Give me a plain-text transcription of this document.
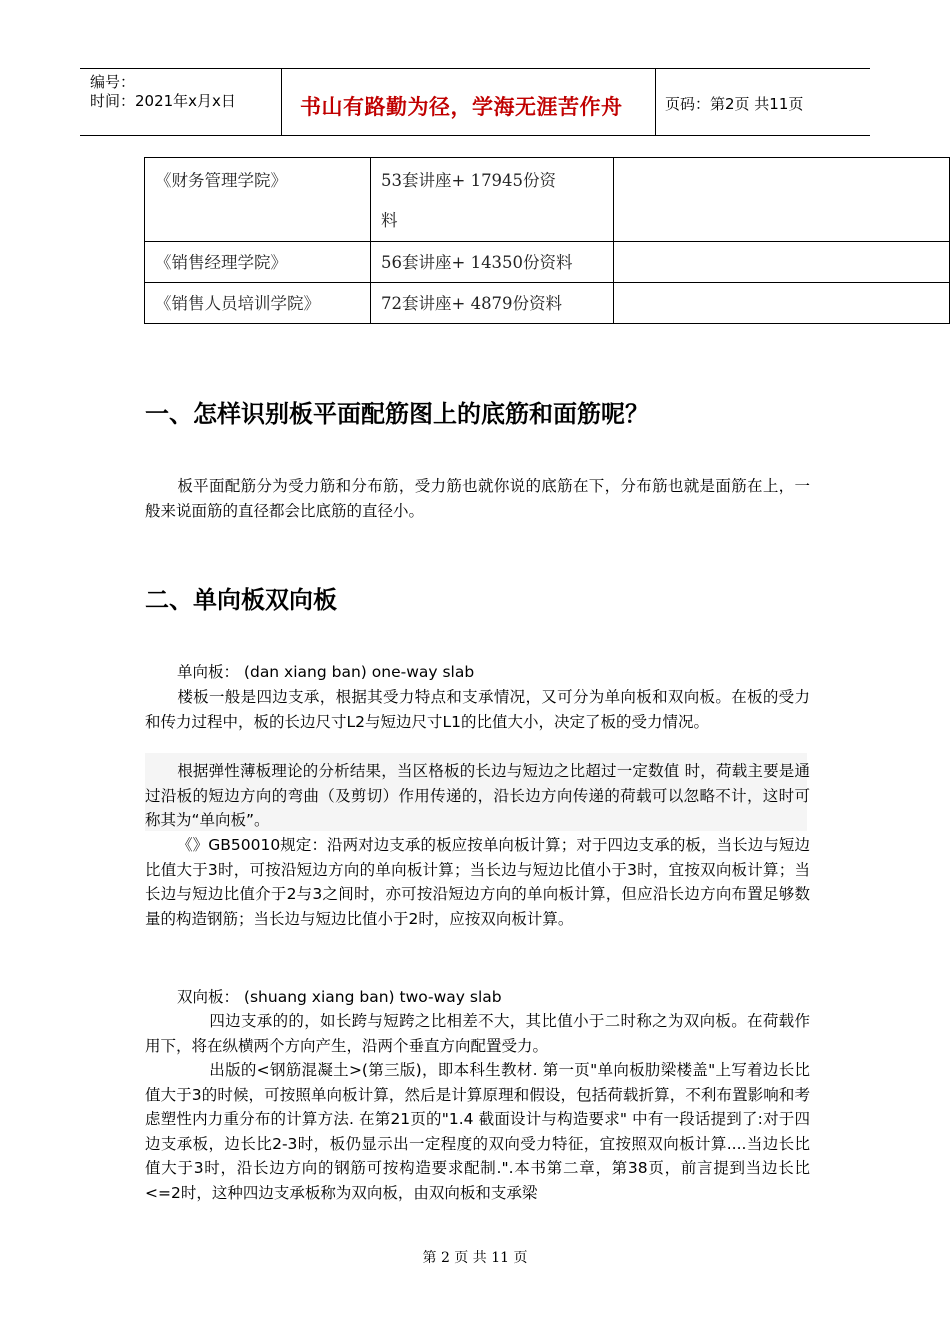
编号：
时间：2021年x月x日	书山有路勤为径，学海无涯苦作舟	页码：第2页 共11页
《财务管理学院》	53套讲座+ 17945份资
料	

《销售经理学院》	56套讲座+ 14350份资料	

《销售人员培训学院》	72套讲座+ 4879份资料	

一、怎样识别板平面配筋图上的底筋和面筋呢？

板平面配筋分为受力筋和分布筋，受力筋也就你说的底筋在下，分布筋也就是面筋在上，一般来说面筋的直径都会比底筋的直径小。

二、单向板双向板

单向板： (dan xiang ban) one-way slab

楼板一般是四边支承，根据其受力特点和支承情况，又可分为单向板和双向板。在板的受力和传力过程中，板的长边尺寸L2与短边尺寸L1的比值大小，决定了板的受力情况。

根据弹性薄板理论的分析结果，当区格板的长边与短边之比超过一定数值 时，荷载主要是通过沿板的短边方向的弯曲（及剪切）作用传递的，沿长边方向传递的荷载可以忽略不计，这时可称其为“单向板”。

《》GB50010规定：沿两对边支承的板应按单向板计算；对于四边支承的板，当长边与短边比值大于3时，可按沿短边方向的单向板计算；当长边与短边比值小于3时，宜按双向板计算；当长边与短边比值介于2与3之间时，亦可按沿短边方向的单向板计算，但应沿长边方向布置足够数量的构造钢筋；当长边与短边比值小于2时，应按双向板计算。

双向板： (shuang xiang ban) two-way slab

四边支承的的，如长跨与短跨之比相差不大，其比值小于二时称之为双向板。在荷载作用下，将在纵横两个方向产生，沿两个垂直方向配置受力。

出版的<钢筋混凝土>(第三版)，即本科生教材. 第一页"单向板肋梁楼盖"上写着边长比值大于3的时候，可按照单向板计算，然后是计算原理和假设，包括荷载折算，不利布置影响和考虑塑性内力重分布的计算方法. 在第21页的"1.4 截面设计与构造要求" 中有一段话提到了:对于四边支承板，边长比2-3时，板仍显示出一定程度的双向受力特征，宜按照双向板计算....当边长比值大于3时，沿长边方向的钢筋可按构造要求配制.".本书第二章，第38页，前言提到当边长比<=2时，这种四边支承板称为双向板，由双向板和支承梁

第 2 页 共 11 页
